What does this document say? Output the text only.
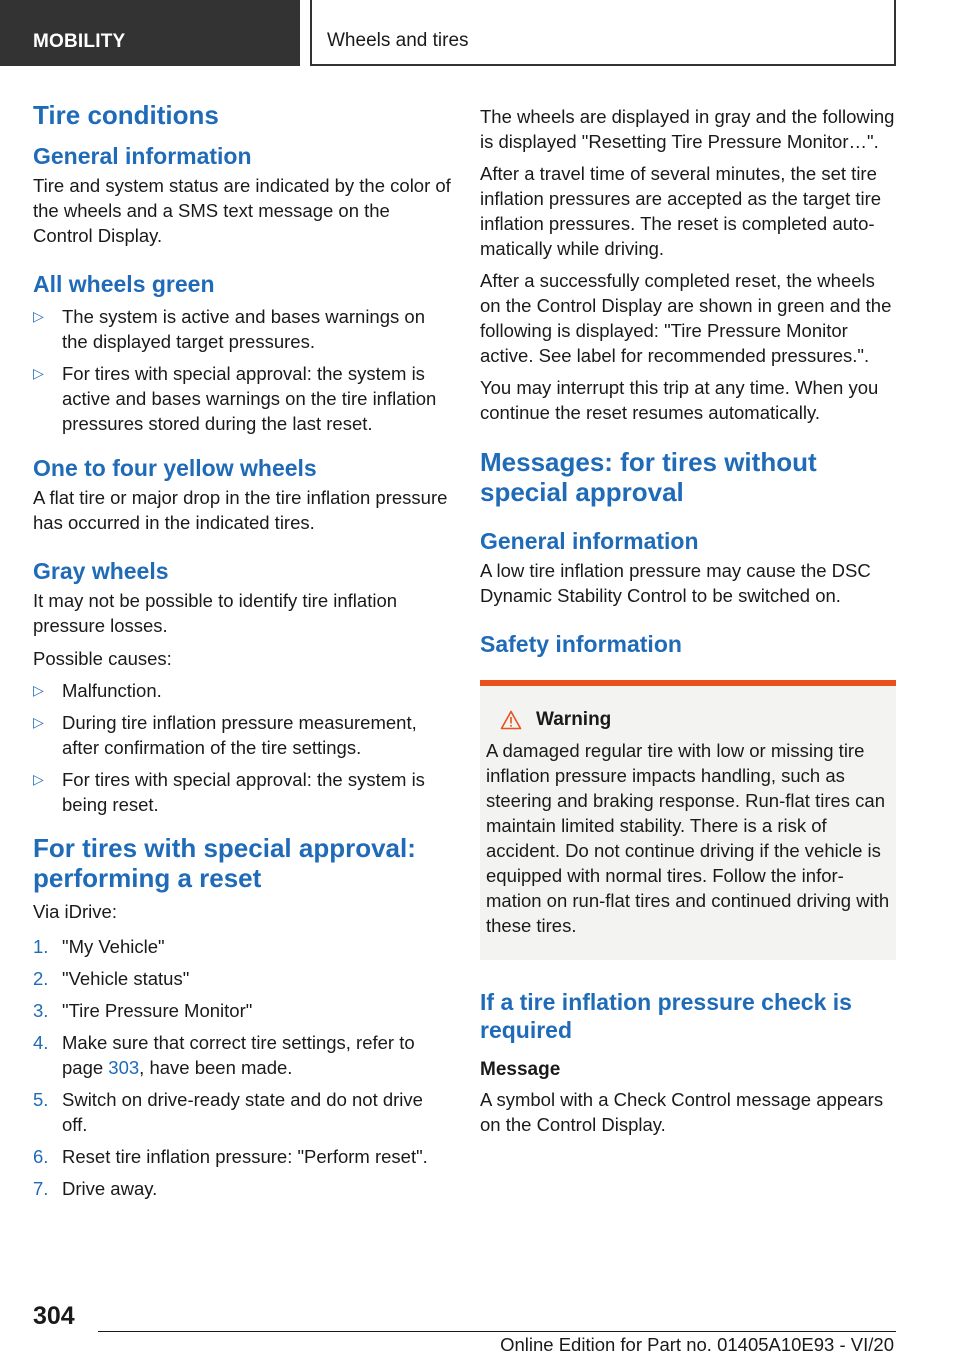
MOBILITY	Wheels and tires
Tire conditions
General information

Tire and system status are indicated by the color of the wheels and a SMS text message on the Control Display.

All wheels green
▷ The system is active and bases warnings on the displayed target pressures.
▷ For tires with special approval: the system is active and bases warnings on the tire inflation pressures stored during the last reset.
One to four yellow wheels

A flat tire or major drop in the tire inflation pressure has occurred in the indicated tires.

Gray wheels

It may not be possible to identify tire inflation pressure losses.

Possible causes:

▷ Malfunction.
▷ During tire inflation pressure measurement, after confirmation of the tire settings.
▷ For tires with special approval: the system is being reset.
For tires with special approval: performing a reset

Via iDrive:

1. "My Vehicle"
2. "Vehicle status"
3. "Tire Pressure Monitor"
4. Make sure that correct tire settings, refer to page 303, have been made.
5. Switch on drive-ready state and do not drive off.
6. Reset tire inflation pressure: "Perform reset".
7. Drive away.

The wheels are displayed in gray and the following is displayed "Resetting Tire Pressure Monitor…".

After a travel time of several minutes, the set tire inflation pressures are accepted as the target tire inflation pressures. The reset is completed automatically while driving.

After a successfully completed reset, the wheels on the Control Display are shown in green and the following is displayed: "Tire Pressure Monitor active. See label for recommended pressures.".

You may interrupt this trip at any time. When you continue the reset resumes automatically.

Messages: for tires without special approval
General information

A low tire inflation pressure may cause the DSC Dynamic Stability Control to be switched on.

Safety information
Warning

A damaged regular tire with low or missing tire inflation pressure impacts handling, such as steering and braking response. Run-flat tires can maintain limited stability. There is a risk of accident. Do not continue driving if the vehicle is equipped with normal tires. Follow the information on run-flat tires and continued driving with these tires.

If a tire inflation pressure check is required
Message

A symbol with a Check Control message appears on the Control Display.

304
Online Edition for Part no. 01405A10E93 - VI/20
